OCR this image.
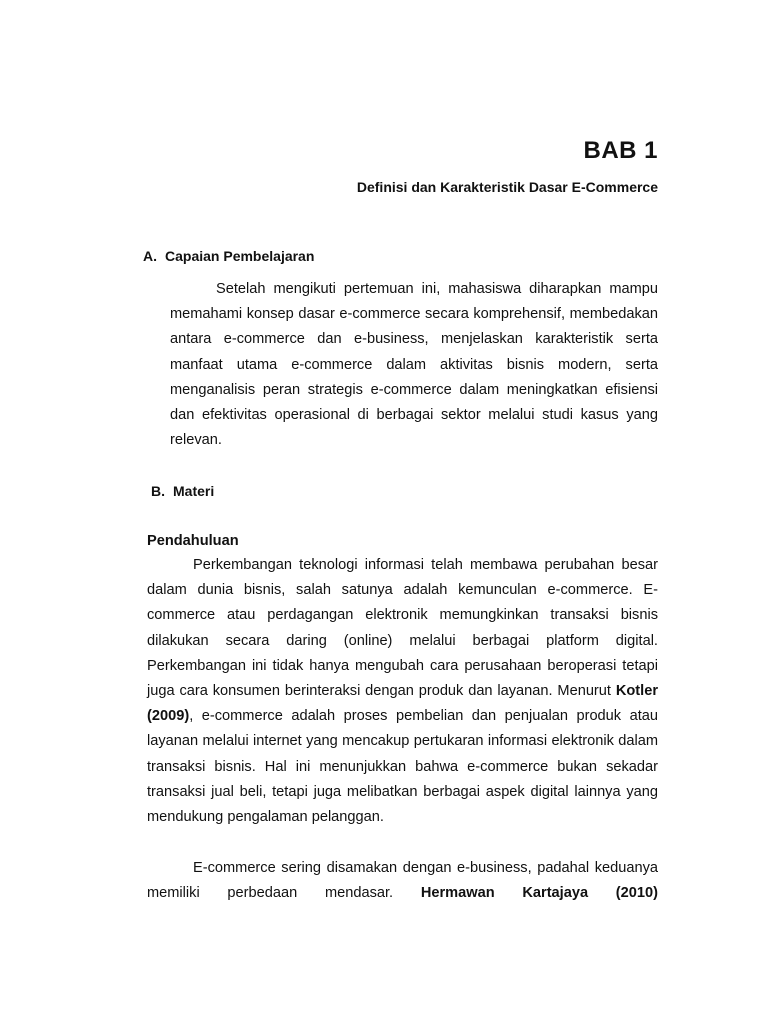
BAB 1
Definisi dan Karakteristik Dasar E-Commerce
A. Capaian Pembelajaran

Setelah mengikuti pertemuan ini, mahasiswa diharapkan mampu memahami konsep dasar e-commerce secara komprehensif, membedakan antara e-commerce dan e-business, menjelaskan karakteristik serta manfaat utama e-commerce dalam aktivitas bisnis modern, serta menganalisis peran strategis e-commerce dalam meningkatkan efisiensi dan efektivitas operasional di berbagai sektor melalui studi kasus yang relevan.

B. Materi
Pendahuluan

Perkembangan teknologi informasi telah membawa perubahan besar dalam dunia bisnis, salah satunya adalah kemunculan e-commerce. E-commerce atau perdagangan elektronik memungkinkan transaksi bisnis dilakukan secara daring (online) melalui berbagai platform digital. Perkembangan ini tidak hanya mengubah cara perusahaan beroperasi tetapi juga cara konsumen berinteraksi dengan produk dan layanan. Menurut Kotler (2009), e-commerce adalah proses pembelian dan penjualan produk atau layanan melalui internet yang mencakup pertukaran informasi elektronik dalam transaksi bisnis. Hal ini menunjukkan bahwa e-commerce bukan sekadar transaksi jual beli, tetapi juga melibatkan berbagai aspek digital lainnya yang mendukung pengalaman pelanggan.

E-commerce sering disamakan dengan e-business, padahal keduanya memiliki perbedaan mendasar. Hermawan Kartajaya (2010)
